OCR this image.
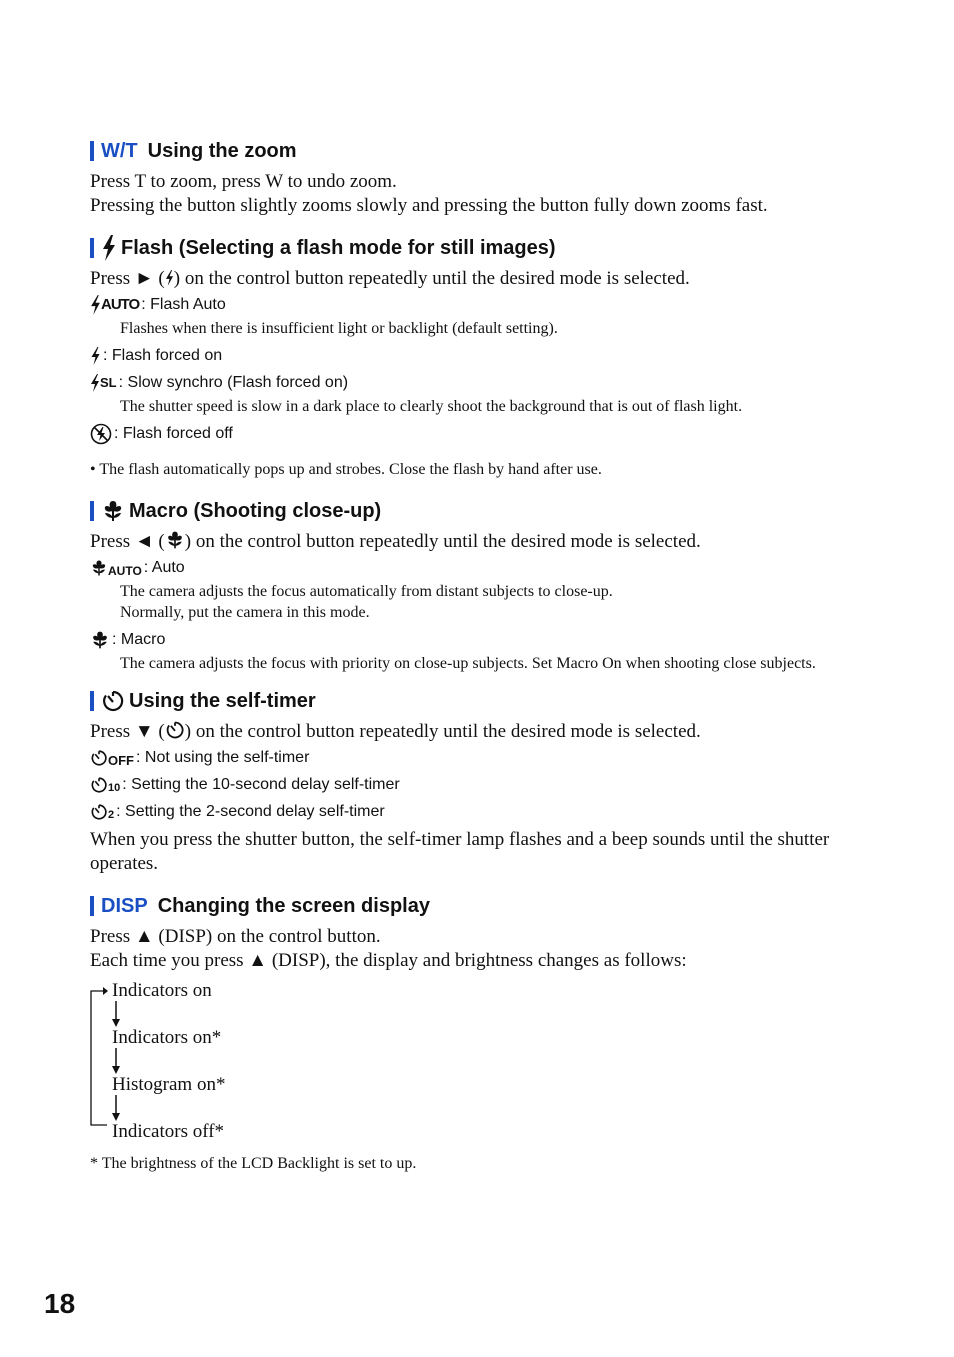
W/T Using the zoom
Press T to zoom, press W to undo zoom.
Pressing the button slightly zooms slowly and pressing the button fully down zooms fast.
Flash (Selecting a flash mode for still images)
Press ► ( ) on the control button repeatedly until the desired mode is selected.
AUTO : Flash Auto
Flashes when there is insufficient light or backlight (default setting).
: Flash forced on
SL : Slow synchro (Flash forced on)
The shutter speed is slow in a dark place to clearly shoot the background that is out of flash light.
: Flash forced off
• The flash automatically pops up and strobes. Close the flash by hand after use.
Macro (Shooting close-up)
Press ◄ ( ) on the control button repeatedly until the desired mode is selected.
AUTO : Auto
The camera adjusts the focus automatically from distant subjects to close-up.
Normally, put the camera in this mode.
: Macro
The camera adjusts the focus with priority on close-up subjects. Set Macro On when shooting close subjects.
Using the self-timer
Press ▼ ( ) on the control button repeatedly until the desired mode is selected.
OFF : Not using the self-timer
10 : Setting the 10-second delay self-timer
2 : Setting the 2-second delay self-timer
When you press the shutter button, the self-timer lamp flashes and a beep sounds until the shutter operates.
DISP Changing the screen display
Press ▲ (DISP) on the control button.
Each time you press ▲ (DISP), the display and brightness changes as follows:
Indicators on
Indicators on*
Histogram on*
Indicators off*
* The brightness of the LCD Backlight is set to up.
18
